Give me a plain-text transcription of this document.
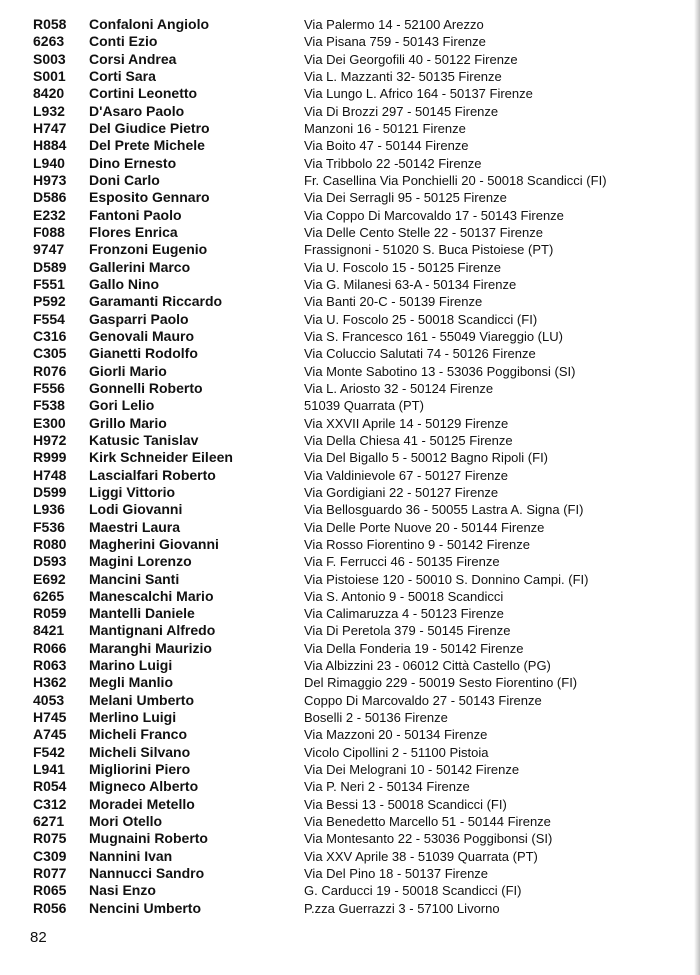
R058 Confaloni Angiolo	Via Palermo 14 - 52100 Arezzo
6263 Conti Ezio	Via Pisana 759 - 50143 Firenze
S003 Corsi Andrea	Via Dei Georgofili 40 - 50122 Firenze
S001 Corti Sara	Via L. Mazzanti 32- 50135 Firenze
8420 Cortini Leonetto	Via Lungo L. Africo 164 - 50137 Firenze
L932 D'Asaro Paolo	Via Di Brozzi 297 - 50145 Firenze
H747 Del Giudice Pietro	Manzoni 16 - 50121 Firenze
H884 Del Prete Michele	Via Boito 47 - 50144 Firenze
L940 Dino Ernesto	Via Tribbolo 22 -50142 Firenze
H973 Doni Carlo	Fr. Casellina Via Ponchielli 20 - 50018 Scandicci (FI)
D586 Esposito Gennaro	Via Dei Serragli 95 - 50125 Firenze
E232 Fantoni Paolo	Via Coppo Di Marcovaldo 17 - 50143 Firenze
F088 Flores Enrica	Via Delle Cento Stelle 22 - 50137 Firenze
9747 Fronzoni Eugenio	Frassignoni - 51020 S. Buca Pistoiese (PT)
D589 Gallerini Marco	Via U. Foscolo 15 - 50125 Firenze
F551 Gallo Nino	Via G. Milanesi 63-A - 50134 Firenze
P592 Garamanti Riccardo	Via Banti 20-C - 50139 Firenze
F554 Gasparri Paolo	Via U. Foscolo 25 - 50018 Scandicci (FI)
C316 Genovali Mauro	Via S. Francesco 161 - 55049 Viareggio (LU)
C305 Gianetti Rodolfo	Via Coluccio Salutati 74 - 50126 Firenze
R076 Giorli Mario	Via Monte Sabotino 13 - 53036 Poggibonsi (SI)
F556 Gonnelli Roberto	Via L. Ariosto 32 - 50124 Firenze
F538 Gori Lelio	51039 Quarrata (PT)
E300 Grillo Mario	Via XXVII Aprile 14 - 50129 Firenze
H972 Katusic Tanislav	Via Della Chiesa 41 - 50125 Firenze
R999 Kirk Schneider Eileen	Via Del Bigallo 5 - 50012 Bagno Ripoli (FI)
H748 Lascialfari Roberto	Via Valdinievole 67 - 50127 Firenze
D599 Liggi Vittorio	Via Gordigiani 22 - 50127 Firenze
L936 Lodi Giovanni	Via Bellosguardo 36 - 50055 Lastra A. Signa (FI)
F536 Maestri Laura	Via Delle Porte Nuove 20 - 50144 Firenze
R080 Magherini Giovanni	Via Rosso Fiorentino 9 - 50142 Firenze
D593 Magini Lorenzo	Via F. Ferrucci 46 - 50135 Firenze
E692 Mancini Santi	Via Pistoiese 120 - 50010 S. Donnino Campi. (FI)
6265 Manescalchi Mario	Via S. Antonio 9 - 50018 Scandicci
R059 Mantelli Daniele	Via Calimaruzza 4 - 50123 Firenze
8421 Mantignani Alfredo	Via Di Peretola 379 - 50145 Firenze
R066 Maranghi Maurizio	Via Della Fonderia 19 - 50142 Firenze
R063 Marino Luigi	Via Albizzini 23 - 06012 Città Castello (PG)
H362 Megli Manlio	Del Rimaggio 229 - 50019 Sesto Fiorentino (FI)
4053 Melani Umberto	Coppo Di Marcovaldo 27 - 50143 Firenze
H745 Merlino Luigi	Boselli 2 - 50136 Firenze
A745 Micheli Franco	Via Mazzoni 20 - 50134 Firenze
F542 Micheli Silvano	Vicolo Cipollini 2 - 51100 Pistoia
L941 Migliorini Piero	Via Dei Melograni 10 - 50142 Firenze
R054 Migneco Alberto	Via P. Neri 2 - 50134 Firenze
C312 Moradei Metello	Via Bessi 13 - 50018 Scandicci (FI)
6271 Mori Otello	Via Benedetto Marcello 51 - 50144 Firenze
R075 Mugnaini Roberto	Via Montesanto 22 - 53036 Poggibonsi (SI)
C309 Nannini Ivan	Via XXV Aprile 38 - 51039 Quarrata (PT)
R077 Nannucci Sandro	Via Del Pino 18 - 50137 Firenze
R065 Nasi Enzo	G. Carducci 19 - 50018 Scandicci (FI)
R056 Nencini Umberto	P.zza Guerrazzi 3 - 57100 Livorno
82
